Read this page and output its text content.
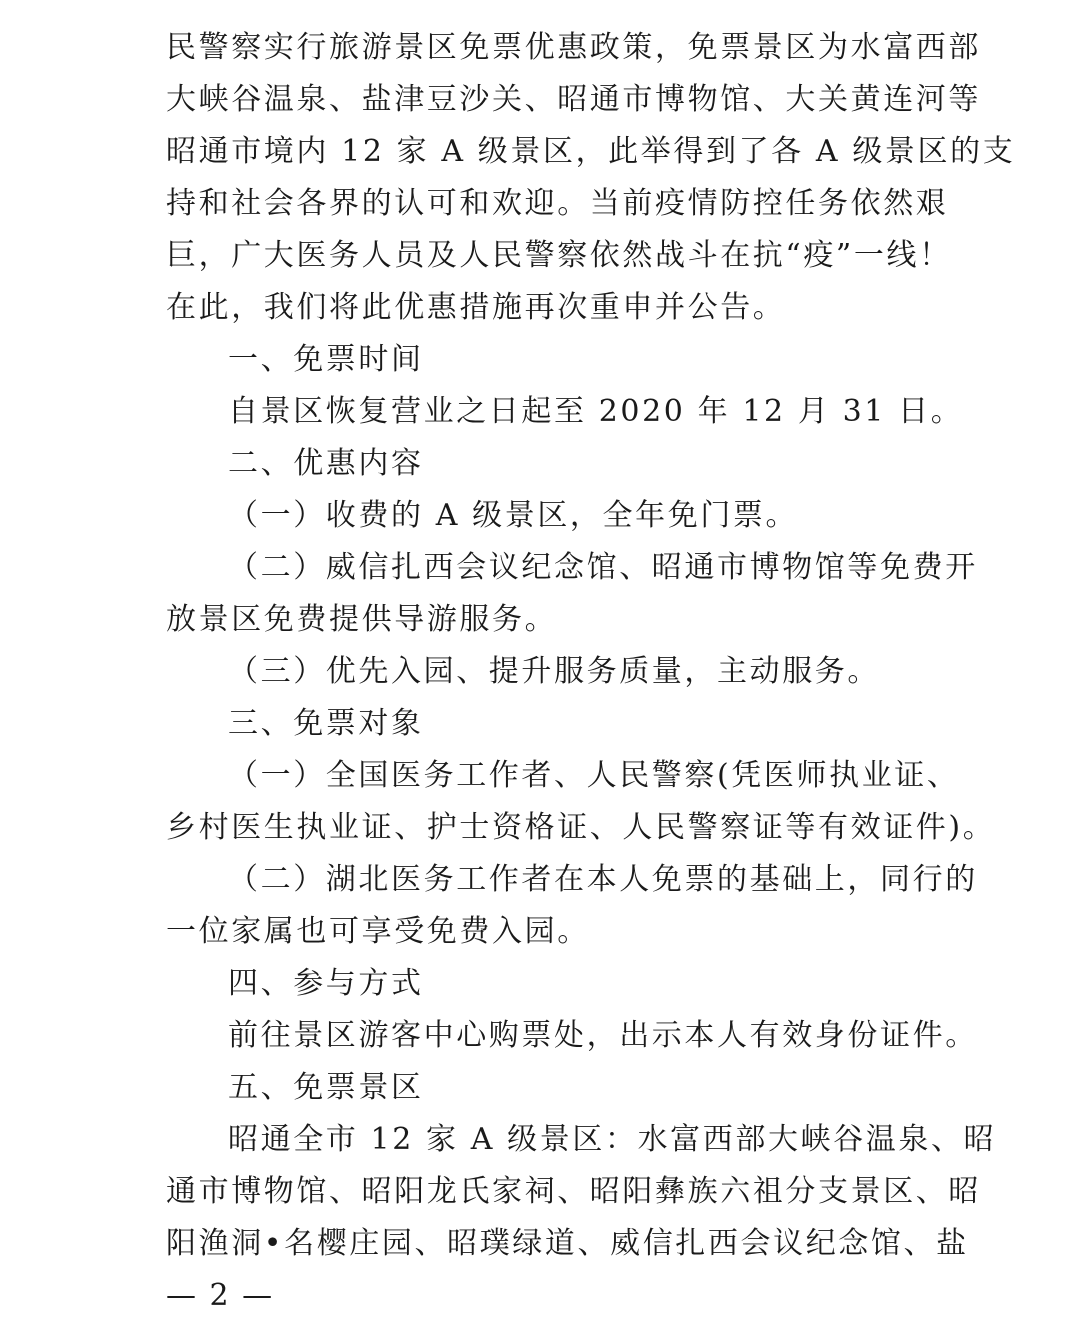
民警察实行旅游景区免票优惠政策，免票景区为水富西部
大峡谷温泉、盐津豆沙关、昭通市博物馆、大关黄连河等
昭通市境内 12 家 A 级景区，此举得到了各 A 级景区的支
持和社会各界的认可和欢迎。当前疫情防控任务依然艰
巨，广大医务人员及人民警察依然战斗在抗“疫”一线！
在此，我们将此优惠措施再次重申并公告。
一、免票时间
自景区恢复营业之日起至 2020 年 12 月 31 日。
二、优惠内容
（一）收费的 A 级景区，全年免门票。
（二）威信扎西会议纪念馆、昭通市博物馆等免费开
放景区免费提供导游服务。
（三）优先入园、提升服务质量，主动服务。
三、免票对象
（一）全国医务工作者、人民警察(凭医师执业证、
乡村医生执业证、护士资格证、人民警察证等有效证件)。
（二）湖北医务工作者在本人免票的基础上，同行的
一位家属也可享受免费入园。
四、参与方式
前往景区游客中心购票处，出示本人有效身份证件。
五、免票景区
昭通全市 12 家 A 级景区：水富西部大峡谷温泉、昭
通市博物馆、昭阳龙氏家祠、昭阳彝族六祖分支景区、昭
阳渔洞•名樱庄园、昭璞绿道、威信扎西会议纪念馆、盐
— 2 —
